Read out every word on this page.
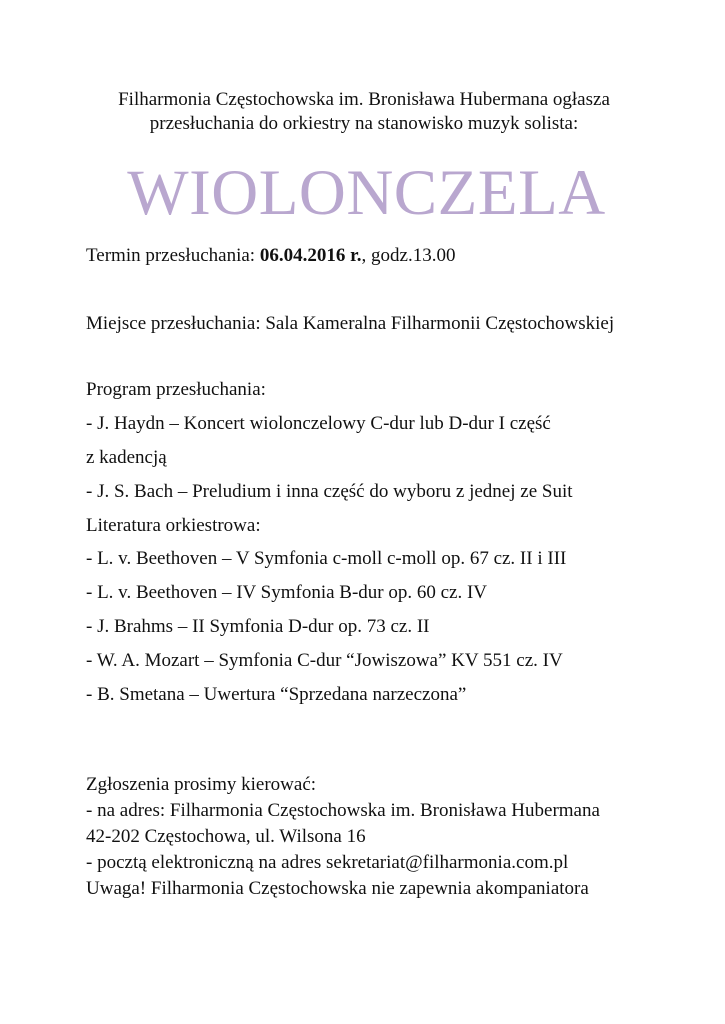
Filharmonia Częstochowska im. Bronisława Hubermana ogłasza
przesłuchania do orkiestry na stanowisko muzyk solista:
WIOLONCZELA
Termin przesłuchania: 06.04.2016 r., godz.13.00
Miejsce przesłuchania: Sala Kameralna Filharmonii Częstochowskiej
Program przesłuchania:
- J. Haydn – Koncert wiolonczelowy C-dur lub D-dur I część
z kadencją
- J. S. Bach – Preludium i inna część do wyboru z jednej ze Suit
Literatura orkiestrowa:
- L. v. Beethoven – V Symfonia c-moll c-moll op. 67 cz. II i III
- L. v. Beethoven – IV Symfonia B-dur op. 60 cz. IV
- J. Brahms – II Symfonia D-dur op. 73 cz. II
- W. A. Mozart – Symfonia C-dur “Jowiszowa” KV 551 cz. IV
- B. Smetana – Uwertura “Sprzedana narzeczona”
Zgłoszenia prosimy kierować:
- na adres: Filharmonia Częstochowska im. Bronisława Hubermana
42-202 Częstochowa, ul. Wilsona 16
- pocztą elektroniczną na adres sekretariat@filharmonia.com.pl
Uwaga! Filharmonia Częstochowska nie zapewnia akompaniatora
